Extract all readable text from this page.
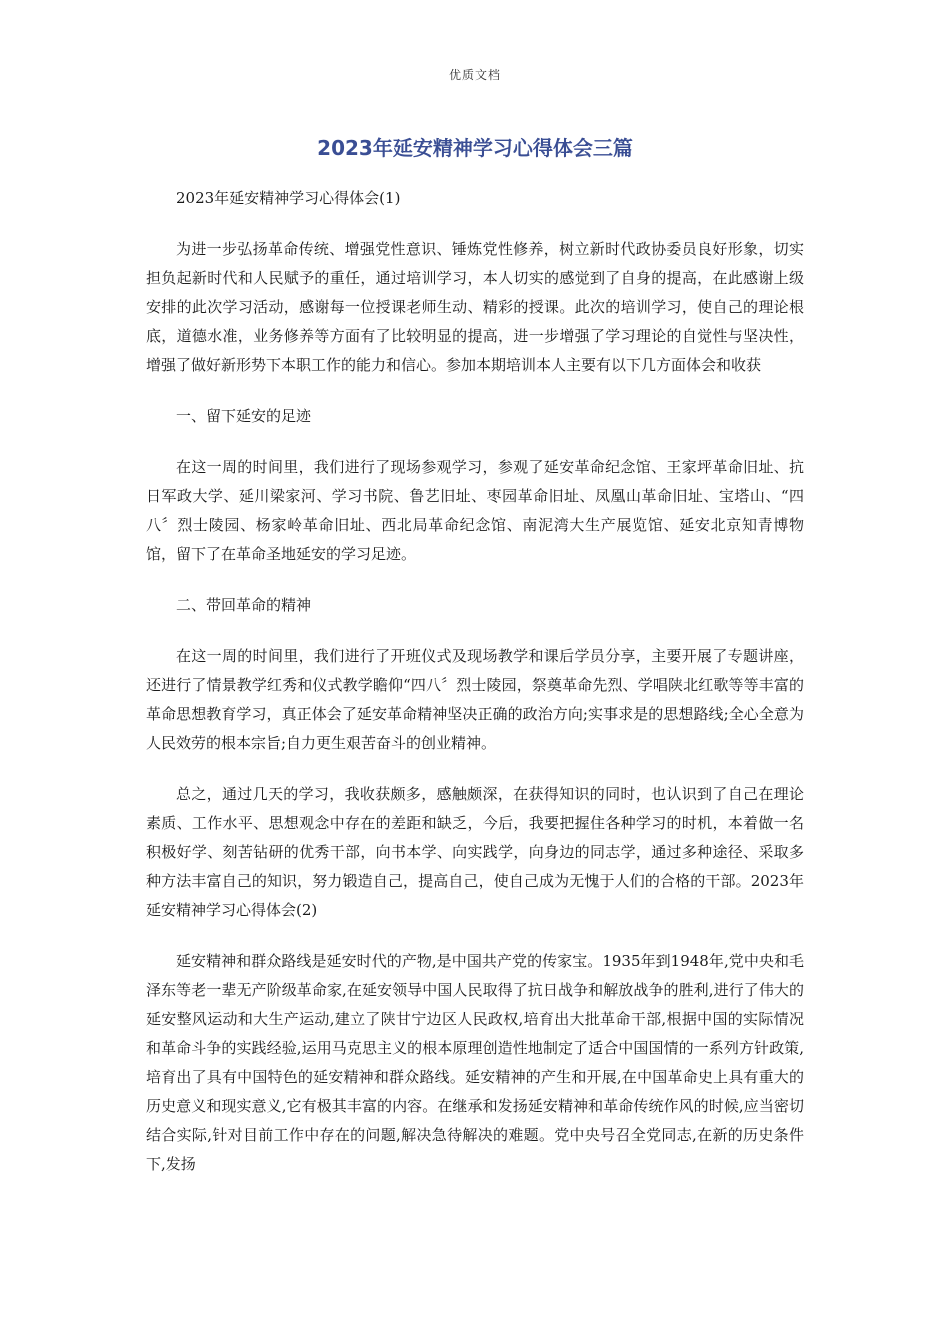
优质文档
2023年延安精神学习心得体会三篇

2023年延安精神学习心得体会(1)

为进一步弘扬革命传统、增强党性意识、锤炼党性修养，树立新时代政协委员良好形象，切实担负起新时代和人民赋予的重任，通过培训学习，本人切实的感觉到了自身的提高，在此感谢上级安排的此次学习活动，感谢每一位授课老师生动、精彩的授课。此次的培训学习，使自己的理论根底，道德水准，业务修养等方面有了比较明显的提高，进一步增强了学习理论的自觉性与坚决性，增强了做好新形势下本职工作的能力和信心。参加本期培训本人主要有以下几方面体会和收获

一、留下延安的足迹

在这一周的时间里，我们进行了现场参观学习，参观了延安革命纪念馆、王家坪革命旧址、抗日军政大学、延川梁家河、学习书院、鲁艺旧址、枣园革命旧址、凤凰山革命旧址、宝塔山、“四八〞烈士陵园、杨家岭革命旧址、西北局革命纪念馆、南泥湾大生产展览馆、延安北京知青博物馆，留下了在革命圣地延安的学习足迹。

二、带回革命的精神

在这一周的时间里，我们进行了开班仪式及现场教学和课后学员分享，主要开展了专题讲座，还进行了情景教学红秀和仪式教学瞻仰“四八〞烈士陵园，祭奠革命先烈、学唱陕北红歌等等丰富的革命思想教育学习，真正体会了延安革命精神坚决正确的政治方向;实事求是的思想路线;全心全意为人民效劳的根本宗旨;自力更生艰苦奋斗的创业精神。

总之，通过几天的学习，我收获颇多，感触颇深，在获得知识的同时，也认识到了自己在理论素质、工作水平、思想观念中存在的差距和缺乏，今后，我要把握住各种学习的时机，本着做一名积极好学、刻苦钻研的优秀干部，向书本学、向实践学，向身边的同志学，通过多种途径、采取多种方法丰富自己的知识，努力锻造自己，提高自己，使自己成为无愧于人们的合格的干部。2023年延安精神学习心得体会(2)

延安精神和群众路线是延安时代的产物,是中国共产党的传家宝。1935年到1948年,党中央和毛泽东等老一辈无产阶级革命家,在延安领导中国人民取得了抗日战争和解放战争的胜利,进行了伟大的延安整风运动和大生产运动,建立了陕甘宁边区人民政权,培育出大批革命干部,根据中国的实际情况和革命斗争的实践经验,运用马克思主义的根本原理创造性地制定了适合中国国情的一系列方针政策,培育出了具有中国特色的延安精神和群众路线。延安精神的产生和开展,在中国革命史上具有重大的历史意义和现实意义,它有极其丰富的内容。在继承和发扬延安精神和革命传统作风的时候,应当密切结合实际,针对目前工作中存在的问题,解决急待解决的难题。党中央号召全党同志,在新的历史条件下,发扬
